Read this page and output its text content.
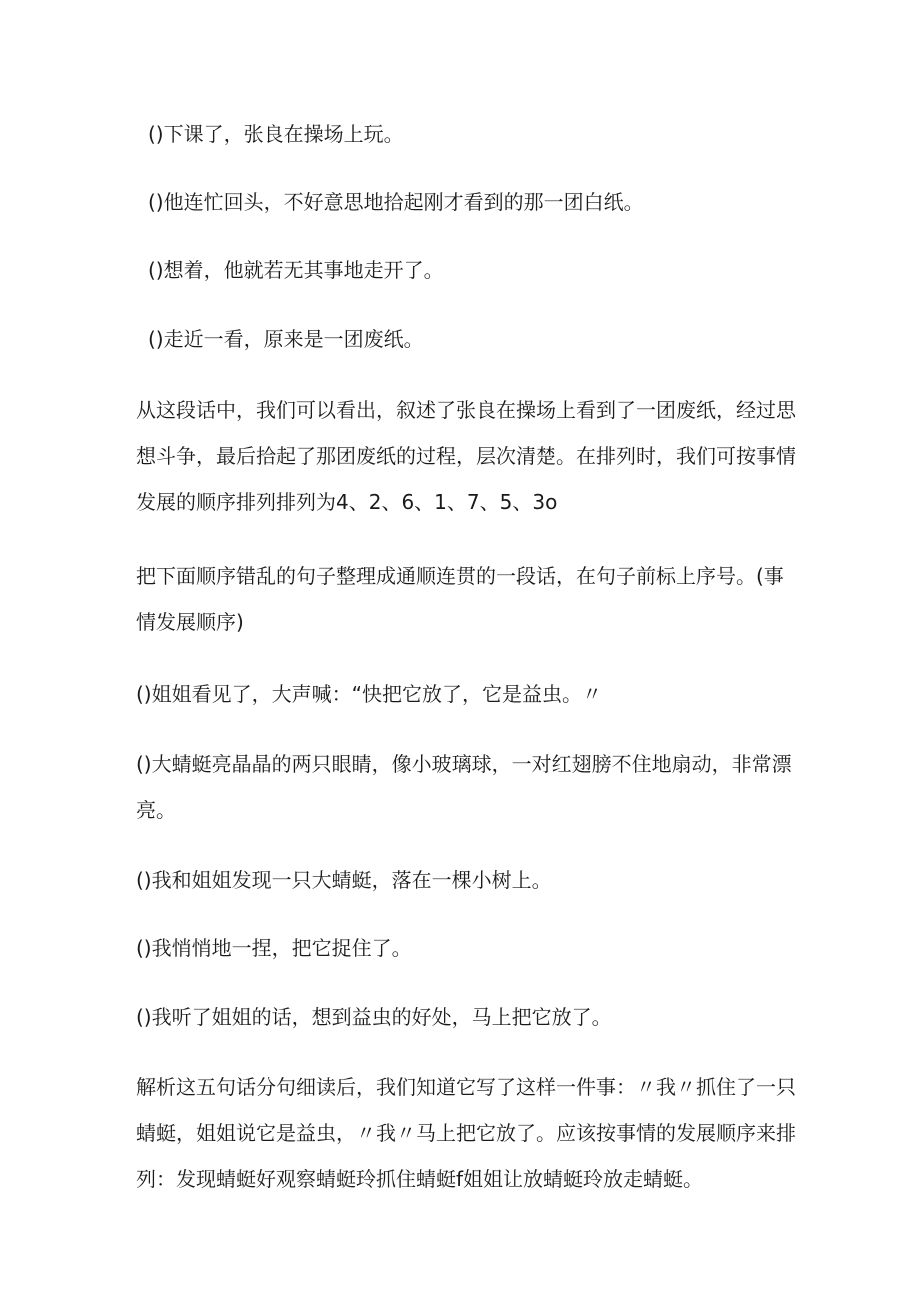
()下课了，张良在操场上玩。
()他连忙回头，不好意思地拾起刚才看到的那一团白纸。
()想着，他就若无其事地走开了。
()走近一看，原来是一团废纸。
从这段话中，我们可以看出，叙述了张良在操场上看到了一团废纸，经过思想斗争，最后拾起了那团废纸的过程，层次清楚。在排列时，我们可按事情发展的顺序排列排列为4、2、6、1、7、5、3o
把下面顺序错乱的句子整理成通顺连贯的一段话，在句子前标上序号。(事情发展顺序)
()姐姐看见了，大声喊：“快把它放了，它是益虫。〃
()大蜻蜓亮晶晶的两只眼睛，像小玻璃球，一对红翅膀不住地扇动，非常漂亮。
()我和姐姐发现一只大蜻蜓，落在一棵小树上。
()我悄悄地一捏，把它捉住了。
()我听了姐姐的话，想到益虫的好处，马上把它放了。
解析这五句话分句细读后，我们知道它写了这样一件事：〃我〃抓住了一只蜻蜓，姐姐说它是益虫，〃我〃马上把它放了。应该按事情的发展顺序来排列：发现蜻蜓好观察蜻蜓玲抓住蜻蜓f姐姐让放蜻蜓玲放走蜻蜓。
